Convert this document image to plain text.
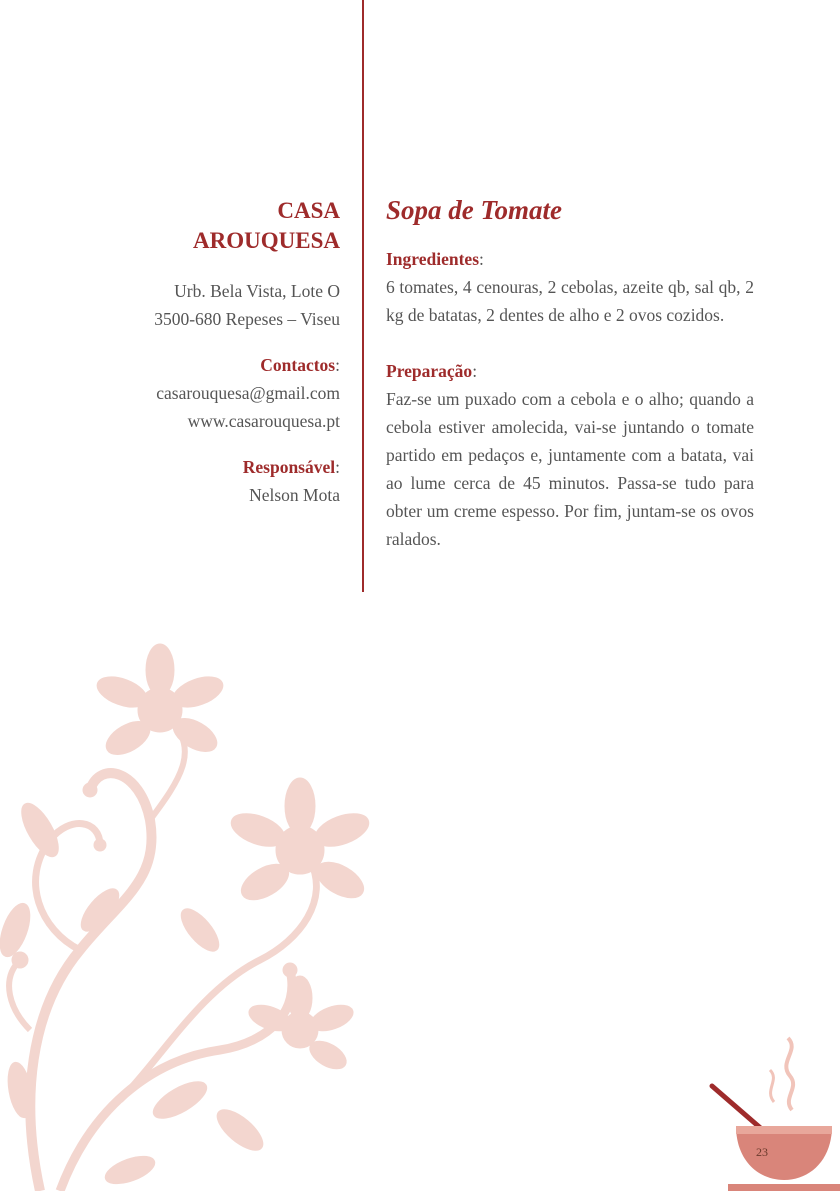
CASA
AROUQUESA
Urb. Bela Vista, Lote O
3500-680 Repeses – Viseu
Contactos:
casarouquesa@gmail.com
www.casarouquesa.pt
Responsável:
Nelson Mota
Sopa de Tomate
Ingredientes:

6 tomates, 4 cenouras, 2 cebolas, azeite qb, sal qb, 2 kg de batatas, 2 dentes de alho e 2 ovos cozidos.

Preparação:

Faz-se um puxado com a cebola e o alho; quando a cebola estiver amolecida, vai-se juntando o tomate partido em pedaços e, juntamente com a batata, vai ao lume cerca de 45 minutos. Passa-se tudo para obter um creme espesso. Por fim, juntam-se os ovos ralados.

23
